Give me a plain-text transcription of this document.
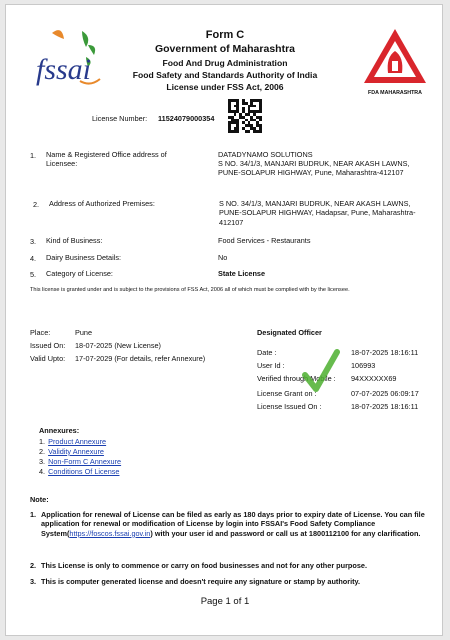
fssai
FDA MAHARASHTRA
Form C
Government of Maharashtra
Food And Drug Administration
Food Safety and Standards Authority of India
License under FSS Act, 2006
License Number: 11524079000354
1. Name & Registered Office address of Licensee:
DATADYNAMO SOLUTIONS
S NO. 34/1/3, MANJARI BUDRUK, NEAR AKASH LAWNS, PUNE-SOLAPUR HIGHWAY, Pune, Maharashtra-412107
2. Address of Authorized Premises:	S NO. 34/1/3, MANJARI BUDRUK, NEAR AKASH LAWNS, PUNE-SOLAPUR HIGHWAY, Hadapsar, Pune, Maharashtra-412107
3. Kind of Business:	Food Services - Restaurants
4. Dairy Business Details:	No
5. Category of License:	State License
This license is granted under and is subject to the provisions of FSS Act, 2006 all of which must be complied with by the licensee.
Place:	Pune
Issued On: 18-07-2025 (New License)
Valid Upto: 17-07-2029 (For details, refer Annexure)
Designated Officer
Date :	18-07-2025 18:16:11
User Id :	106993
Verified through Mobile : 94XXXXXX69
License Grant on :	07-07-2025 06:09:17
License Issued On :	18-07-2025 18:16:11
Annexures:
1. Product Annexure
2. Validity Annexure
3. Non-Form C Annexure
4. Conditions Of License
Note:
1. Application for renewal of License can be filed as early as 180 days prior to expiry date of License. You can file application for renewal or modification of License by login into FSSAI's Food Safety Compliance System(https://foscos.fssai.gov.in) with your user id and password or call us at 1800112100 for any clarification.
2. This License is only to commence or carry on food businesses and not for any other purpose.
3. This is computer generated license and doesn't require any signature or stamp by authority.
Page 1 of 1
